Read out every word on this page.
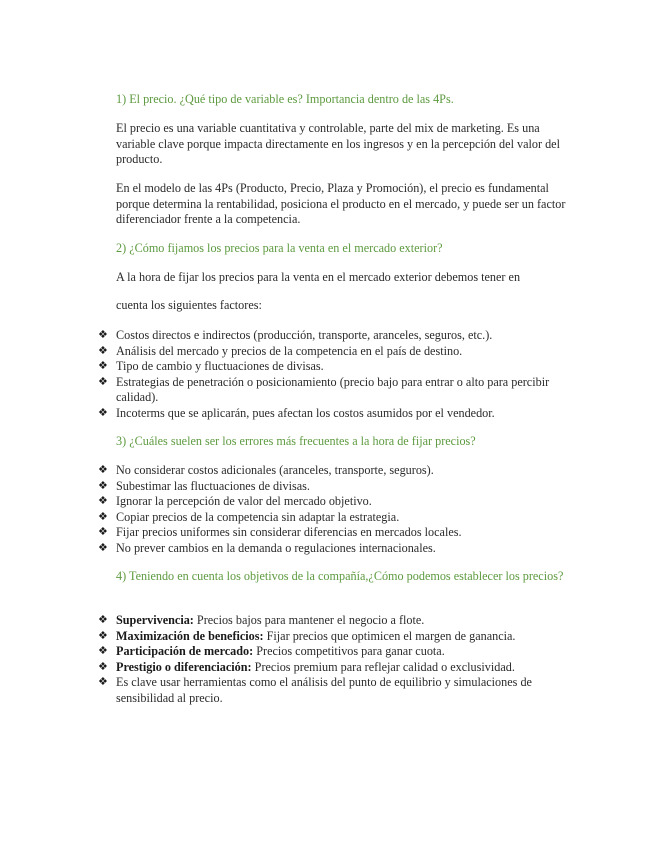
1) El precio. ¿Qué tipo de variable es? Importancia dentro de las 4Ps.

El precio es una variable cuantitativa y controlable, parte del mix de marketing. Es una variable clave porque impacta directamente en los ingresos y en la percepción del valor del producto.

En el modelo de las 4Ps (Producto, Precio, Plaza y Promoción), el precio es fundamental porque determina la rentabilidad, posiciona el producto en el mercado, y puede ser un factor diferenciador frente a la competencia.

2) ¿Cómo fijamos los precios para la venta en el mercado exterior?

A la hora de fijar los precios para la venta en el mercado exterior debemos tener en

cuenta los siguientes factores:

❖ Costos directos e indirectos (producción, transporte, aranceles, seguros, etc.).
❖ Análisis del mercado y precios de la competencia en el país de destino.
❖ Tipo de cambio y fluctuaciones de divisas.
❖ Estrategias de penetración o posicionamiento (precio bajo para entrar o alto para percibir calidad).
❖ Incoterms que se aplicarán, pues afectan los costos asumidos por el vendedor.

3) ¿Cuáles suelen ser los errores más frecuentes a la hora de fijar precios?

❖ No considerar costos adicionales (aranceles, transporte, seguros).
❖ Subestimar las fluctuaciones de divisas.
❖ Ignorar la percepción de valor del mercado objetivo.
❖ Copiar precios de la competencia sin adaptar la estrategia.
❖ Fijar precios uniformes sin considerar diferencias en mercados locales.
❖ No prever cambios en la demanda o regulaciones internacionales.

4) Teniendo en cuenta los objetivos de la compañía,¿Cómo podemos establecer los precios?

❖ Supervivencia: Precios bajos para mantener el negocio a flote.
❖ Maximización de beneficios: Fijar precios que optimicen el margen de ganancia.
❖ Participación de mercado: Precios competitivos para ganar cuota.
❖ Prestigio o diferenciación: Precios premium para reflejar calidad o exclusividad.
❖ Es clave usar herramientas como el análisis del punto de equilibrio y simulaciones de sensibilidad al precio.
